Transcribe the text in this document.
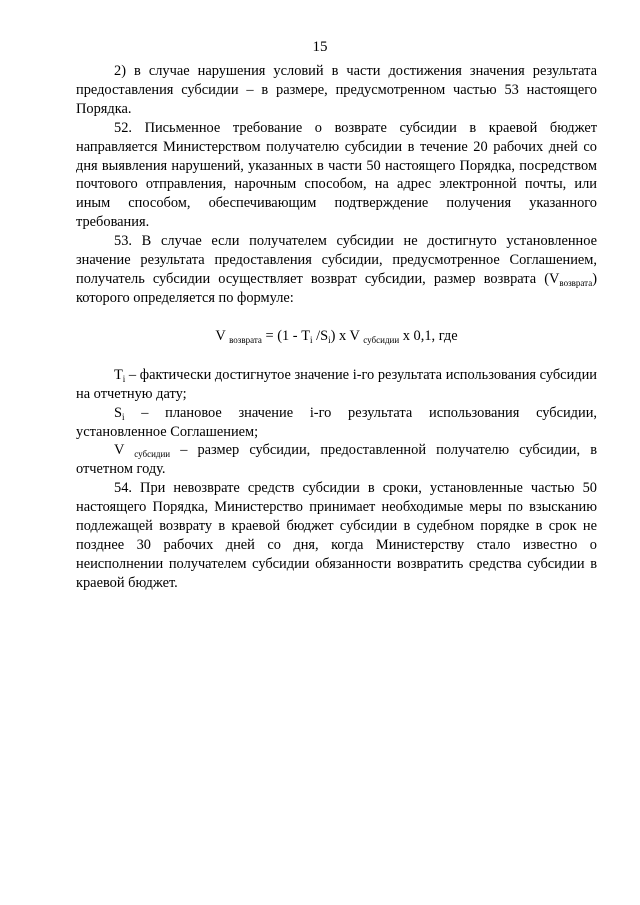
15

2) в случае нарушения условий в части достижения значения результата предоставления субсидии – в размере, предусмотренном частью 53 настоящего Порядка.

52. Письменное требование о возврате субсидии в краевой бюджет направляется Министерством получателю субсидии в течение 20 рабочих дней со дня выявления нарушений, указанных в части 50 настоящего Порядка, посредством почтового отправления, нарочным способом, на адрес электронной почты, или иным способом, обеспечивающим подтверждение получения указанного требования.

53. В случае если получателем субсидии не достигнуто установленное значение результата предоставления субсидии, предусмотренное Соглашением, получатель субсидии осуществляет возврат субсидии, размер возврата $(V_{возврата})$ которого определяется по формуле:

V $_{возврата} = (1 - T_i$ $/S_i$) x V $_{субсидии}$ x 0,1, где

$T_i$ – фактически достигнутое значение i-го результата использования субсидии на отчетную дату;

$S_i$ – плановое значение i-го результата использования субсидии, установленное Соглашением;

V $_{субсидии}$ – размер субсидии, предоставленной получателю субсидии, в отчетном году.

54. При невозврате средств субсидии в сроки, установленные частью 50 настоящего Порядка, Министерство принимает необходимые меры по взысканию подлежащей возврату в краевой бюджет субсидии в судебном порядке в срок не позднее 30 рабочих дней со дня, когда Министерству стало известно о неисполнении получателем субсидии обязанности возвратить средства субсидии в краевой бюджет.
